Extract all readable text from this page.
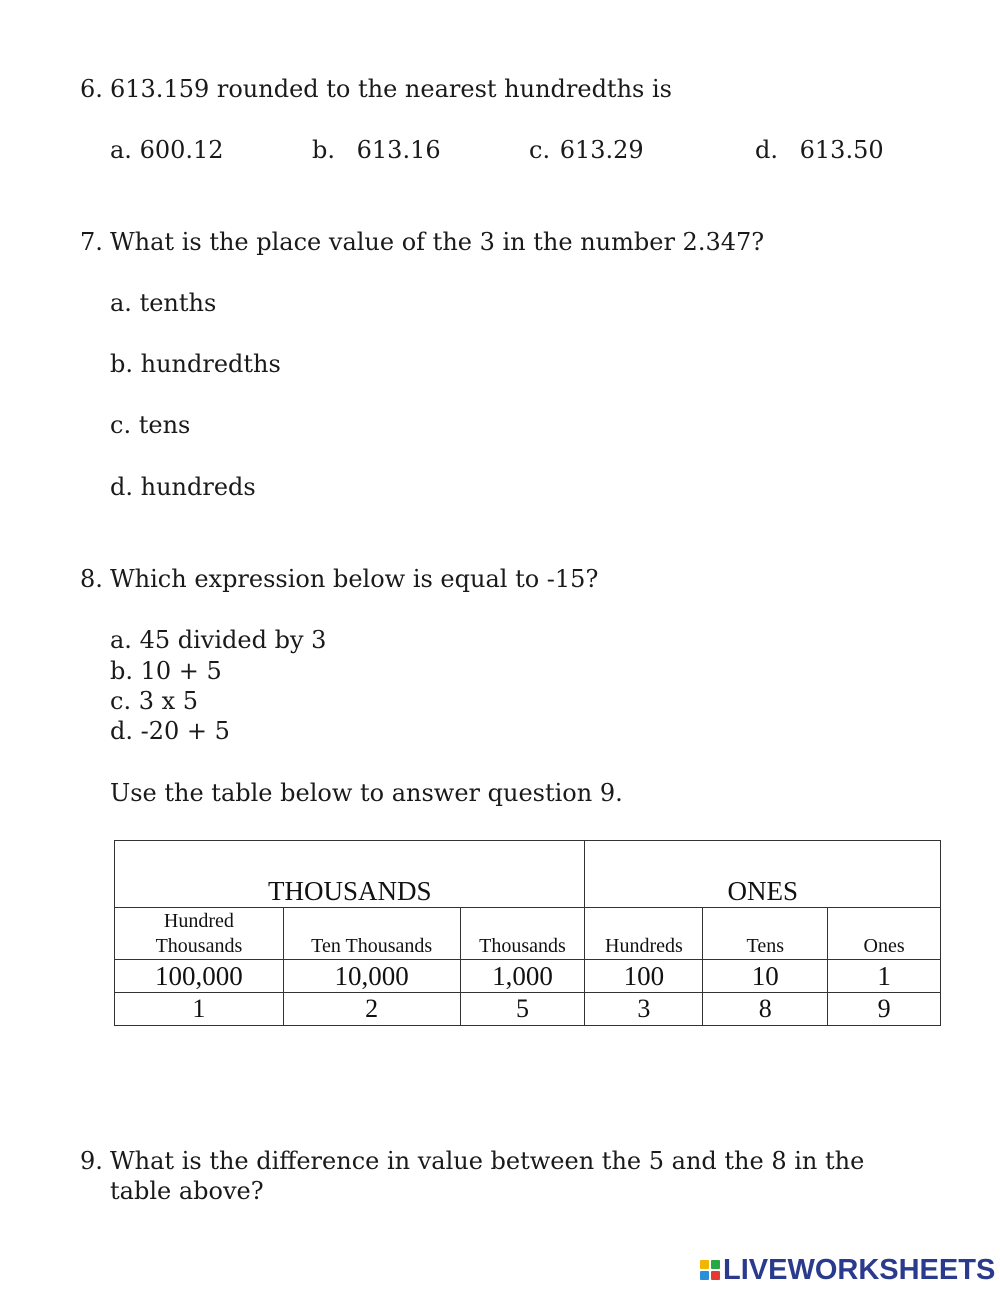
6. 613.159 rounded to the nearest hundredths is
a. 600.12	b. 613.16	c. 613.29	d. 613.50
7. What is the place value of the 3 in the number 2.347?
a. tenths
b. hundredths
c. tens
d. hundreds
8. Which expression below is equal to -15?
a. 45 divided by 3
b. 10 + 5
c. 3 x 5
d. -20 + 5
Use the table below to answer question 9.
THOUSANDS			ONES		
Hundred
Thousands	Ten Thousands	Thousands	Hundreds	Tens	Ones
100,000	10,000	1,000	100	10	1
1	2	5	3	8	9
9. What is the difference in value between the 5 and the 8 in the
table above?
LIVEWORKSHEETS
